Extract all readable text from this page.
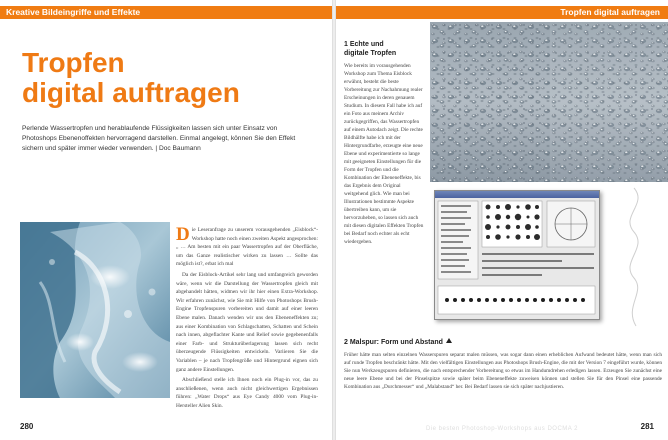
Kreative Bildeingriffe und Effekte
Tropfen
digital auftragen
Perlende Wassertropfen und herablaufende Flüssigkeiten lassen sich unter Einsatz von Photoshops Ebenenoffekten hervorragend darstellen. Einmal angelegt, können Sie den Effekt sichern und später immer wieder verwenden. | Doc Baumann

Die Leseranfrage zu unserem vorausgehenden „Eisblock“-Workshop hatte noch einen zweiten Aspekt angesprochen: „ … Am besten mit ein paar Wassertropfen auf der Oberfläche, um das Ganze realistischer wirken zu lassen … Sollte das möglich ist?, erbat ich mal

Da der Eisblock-Artikel sehr lang und umfangreich geworden wäre, wenn wir die Darstellung der Wassertropfen gleich mit abgehandelt hätten, widmen wir ihr hier einen Extra-Workshop. Wir erfahren zunächst, wie Sie mit Hilfe von Photoshops Brush-Engine Tropfenspuren vorbereiten und damit auf einer leeren Ebene malen. Danach wenden wir uns den Ebeneneffekten zu; aus einer Kombination von Schlagschatten, Schatten und Schein nach innen, abgeflachter Kante und Relief sowie gegebenenfalls einer Farb- und Strukturüberlagerung lassen sich recht überzeugende Flüssigkeiten entwickeln. Variieren Sie die Variablen – je nach Tropfengröße und Hintergrund eignen sich ganz andere Einstellungen.

Abschließend stelle ich Ihnen noch ein Plug-in vor, das zu anschließenen, wenn auch nicht gleichwertigen Ergebnissen führen: „Water Drops“ aus Eye Candy 4000 vom Plug-in-Hersteller Alien Skin.

280
Tropfen digital auftragen
1 Echte und
digitale Tropfen
Wie bereits im vorausgehenden Workshop zum Thema Eisblock erwähnt, besteht die beste Vorbereitung zur Nachahmung realer Erscheinungen in deren genauem Studium. In diesem Fall habe ich auf ein Foto aus meinem Archiv zurückgegriffen, das Wassertropfen auf einem Autodach zeigt. Die rechte Bildhälfte habe ich mit der Hintergrundfarbe, erzeugte eine neue Ebene und experimentierte so lange mit geeigneten Einstellungen für die Form der Tropfen und die Kombination der Ebeneneffekte, bis das Ergebnis dem Original weitgehend glich. Wie man bei Illustrationen bestimmte Aspekte übertreiben kann, um sie hervorzuheben, so lassen sich auch mit diesen digitalen Effekten Tropfen bei Bedarf noch echter als echt wiedergeben.
2 Malspur: Form und Abstand
Früher hätte man selten einzelnen Wasserspuren separat malen müssen, was sogar dann einen erheblichen Aufwand bedeutet hätte, wenn man sich auf runde Tropfen beschränkt hätte. Mit den vielfältigen Einstellungen aus Photoshops Brush-Engine, die mit der Version 7 eingeführt wurde, können Sie nun Werkzeugspuren definieren, die nach entsprechender Vorbereitung so etwas im Handumdrehen erledigen lassen. Erzeugen Sie zunächst eine neue leere Ebene und bei der Pinselspitze sowie später beim Ebeneneffekte zuweisen können und stellen Sie für den Pinsel eine passende Kombination aus „Durchmesser“ und „Malabstand“ her. Bei Bedarf lassen sie sich später nachjustieren.
Die besten Photoshop-Workshops aus DOCMA 2	281
